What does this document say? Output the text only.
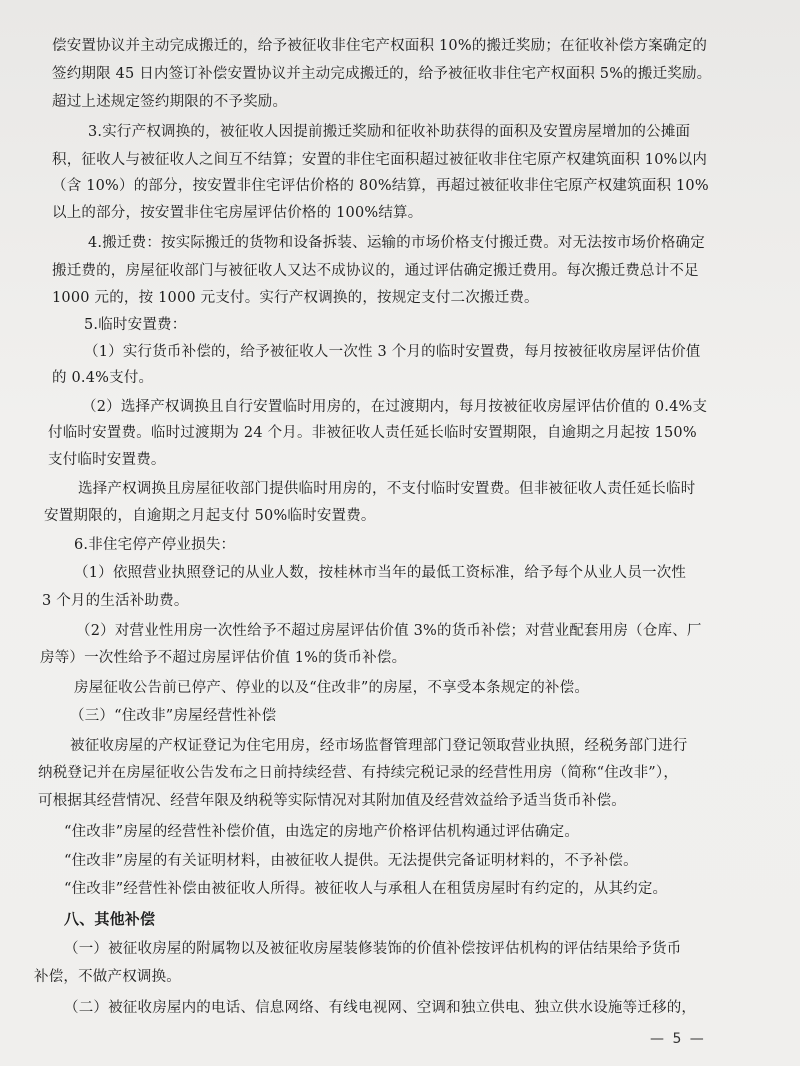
偿安置协议并主动完成搬迁的，给予被征收非住宅产权面积 10%的搬迁奖励；在征收补偿方案确定的
签约期限 45 日内签订补偿安置协议并主动完成搬迁的，给予被征收非住宅产权面积 5%的搬迁奖励。
超过上述规定签约期限的不予奖励。
3.实行产权调换的，被征收人因提前搬迁奖励和征收补助获得的面积及安置房屋增加的公摊面
积，征收人与被征收人之间互不结算；安置的非住宅面积超过被征收非住宅原产权建筑面积 10%以内
（含 10%）的部分，按安置非住宅评估价格的 80%结算，再超过被征收非住宅原产权建筑面积 10%
以上的部分，按安置非住宅房屋评估价格的 100%结算。
4.搬迁费：按实际搬迁的货物和设备拆装、运输的市场价格支付搬迁费。对无法按市场价格确定
搬迁费的，房屋征收部门与被征收人又达不成协议的，通过评估确定搬迁费用。每次搬迁费总计不足
1000 元的，按 1000 元支付。实行产权调换的，按规定支付二次搬迁费。
5.临时安置费：
（1）实行货币补偿的，给予被征收人一次性 3 个月的临时安置费，每月按被征收房屋评估价值
的 0.4%支付。
（2）选择产权调换且自行安置临时用房的，在过渡期内，每月按被征收房屋评估价值的 0.4%支
付临时安置费。临时过渡期为 24 个月。非被征收人责任延长临时安置期限，自逾期之月起按 150%
支付临时安置费。
选择产权调换且房屋征收部门提供临时用房的，不支付临时安置费。但非被征收人责任延长临时
安置期限的，自逾期之月起支付 50%临时安置费。
6.非住宅停产停业损失：
（1）依照营业执照登记的从业人数，按桂林市当年的最低工资标准，给予每个从业人员一次性
3 个月的生活补助费。
（2）对营业性用房一次性给予不超过房屋评估价值 3%的货币补偿；对营业配套用房（仓库、厂
房等）一次性给予不超过房屋评估价值 1%的货币补偿。
房屋征收公告前已停产、停业的以及“住改非”的房屋，不享受本条规定的补偿。
（三）“住改非”房屋经营性补偿
被征收房屋的产权证登记为住宅用房，经市场监督管理部门登记领取营业执照，经税务部门进行
纳税登记并在房屋征收公告发布之日前持续经营、有持续完税记录的经营性用房（简称“住改非”），
可根据其经营情况、经营年限及纳税等实际情况对其附加值及经营效益给予适当货币补偿。
“住改非”房屋的经营性补偿价值，由选定的房地产价格评估机构通过评估确定。
“住改非”房屋的有关证明材料，由被征收人提供。无法提供完备证明材料的，不予补偿。
“住改非”经营性补偿由被征收人所得。被征收人与承租人在租赁房屋时有约定的，从其约定。
八、其他补偿
（一）被征收房屋的附属物以及被征收房屋装修装饰的价值补偿按评估机构的评估结果给予货币
补偿，不做产权调换。
（二）被征收房屋内的电话、信息网络、有线电视网、空调和独立供电、独立供水设施等迁移的，
— 5 —
